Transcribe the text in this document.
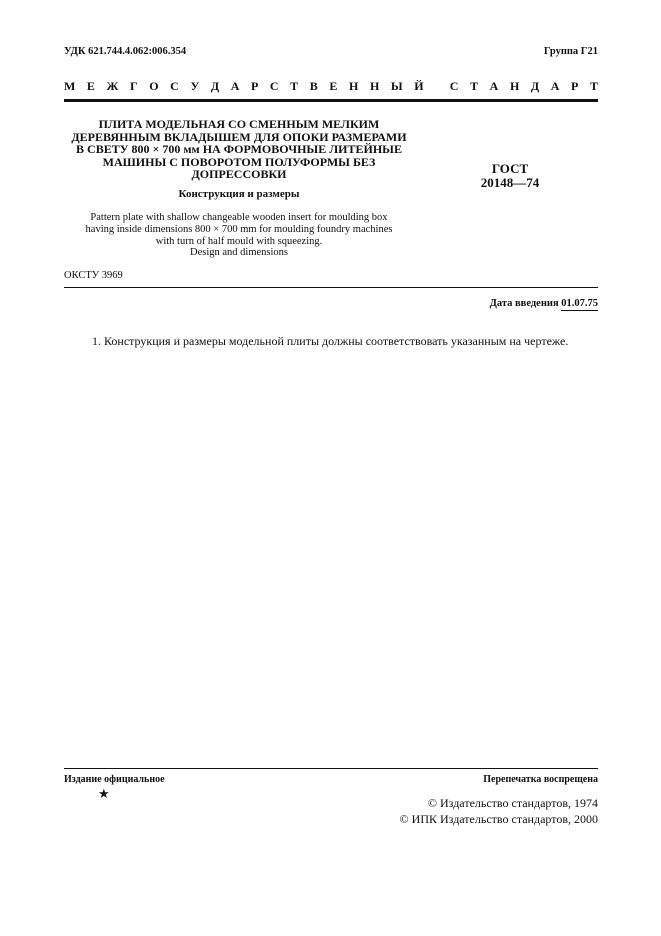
УДК 621.744.4.062:006.354	Группа Г21
М Е Ж Г О С У Д А Р С Т В Е Н Н Ы Й
С Т А Н Д А Р Т
ПЛИТА МОДЕЛЬНАЯ СО СМЕННЫМ МЕЛКИМ
ДЕРЕВЯННЫМ ВКЛАДЫШЕМ ДЛЯ ОПОКИ РАЗМЕРАМИ
В СВЕТУ 800 × 700 мм НА ФОРМОВОЧНЫЕ ЛИТЕЙНЫЕ
МАШИНЫ С ПОВОРОТОМ ПОЛУФОРМЫ БЕЗ
ДОПРЕССОВКИ
Конструкция и размеры
Pattern plate with shallow changeable wooden insert for moulding box
having inside dimensions 800 × 700 mm for moulding foundry machines
with turn of half mould with squeezing.
Design and dimensions
ГОСТ
20148—74
ОКСТУ 3969
Дата введения 01.07.75
1. Конструкция и размеры модельной плиты должны соответствовать указанным на чертеже.
Издание официальное	Перепечатка воспрещена
★
© Издательство стандартов, 1974
© ИПК Издательство стандартов, 2000
